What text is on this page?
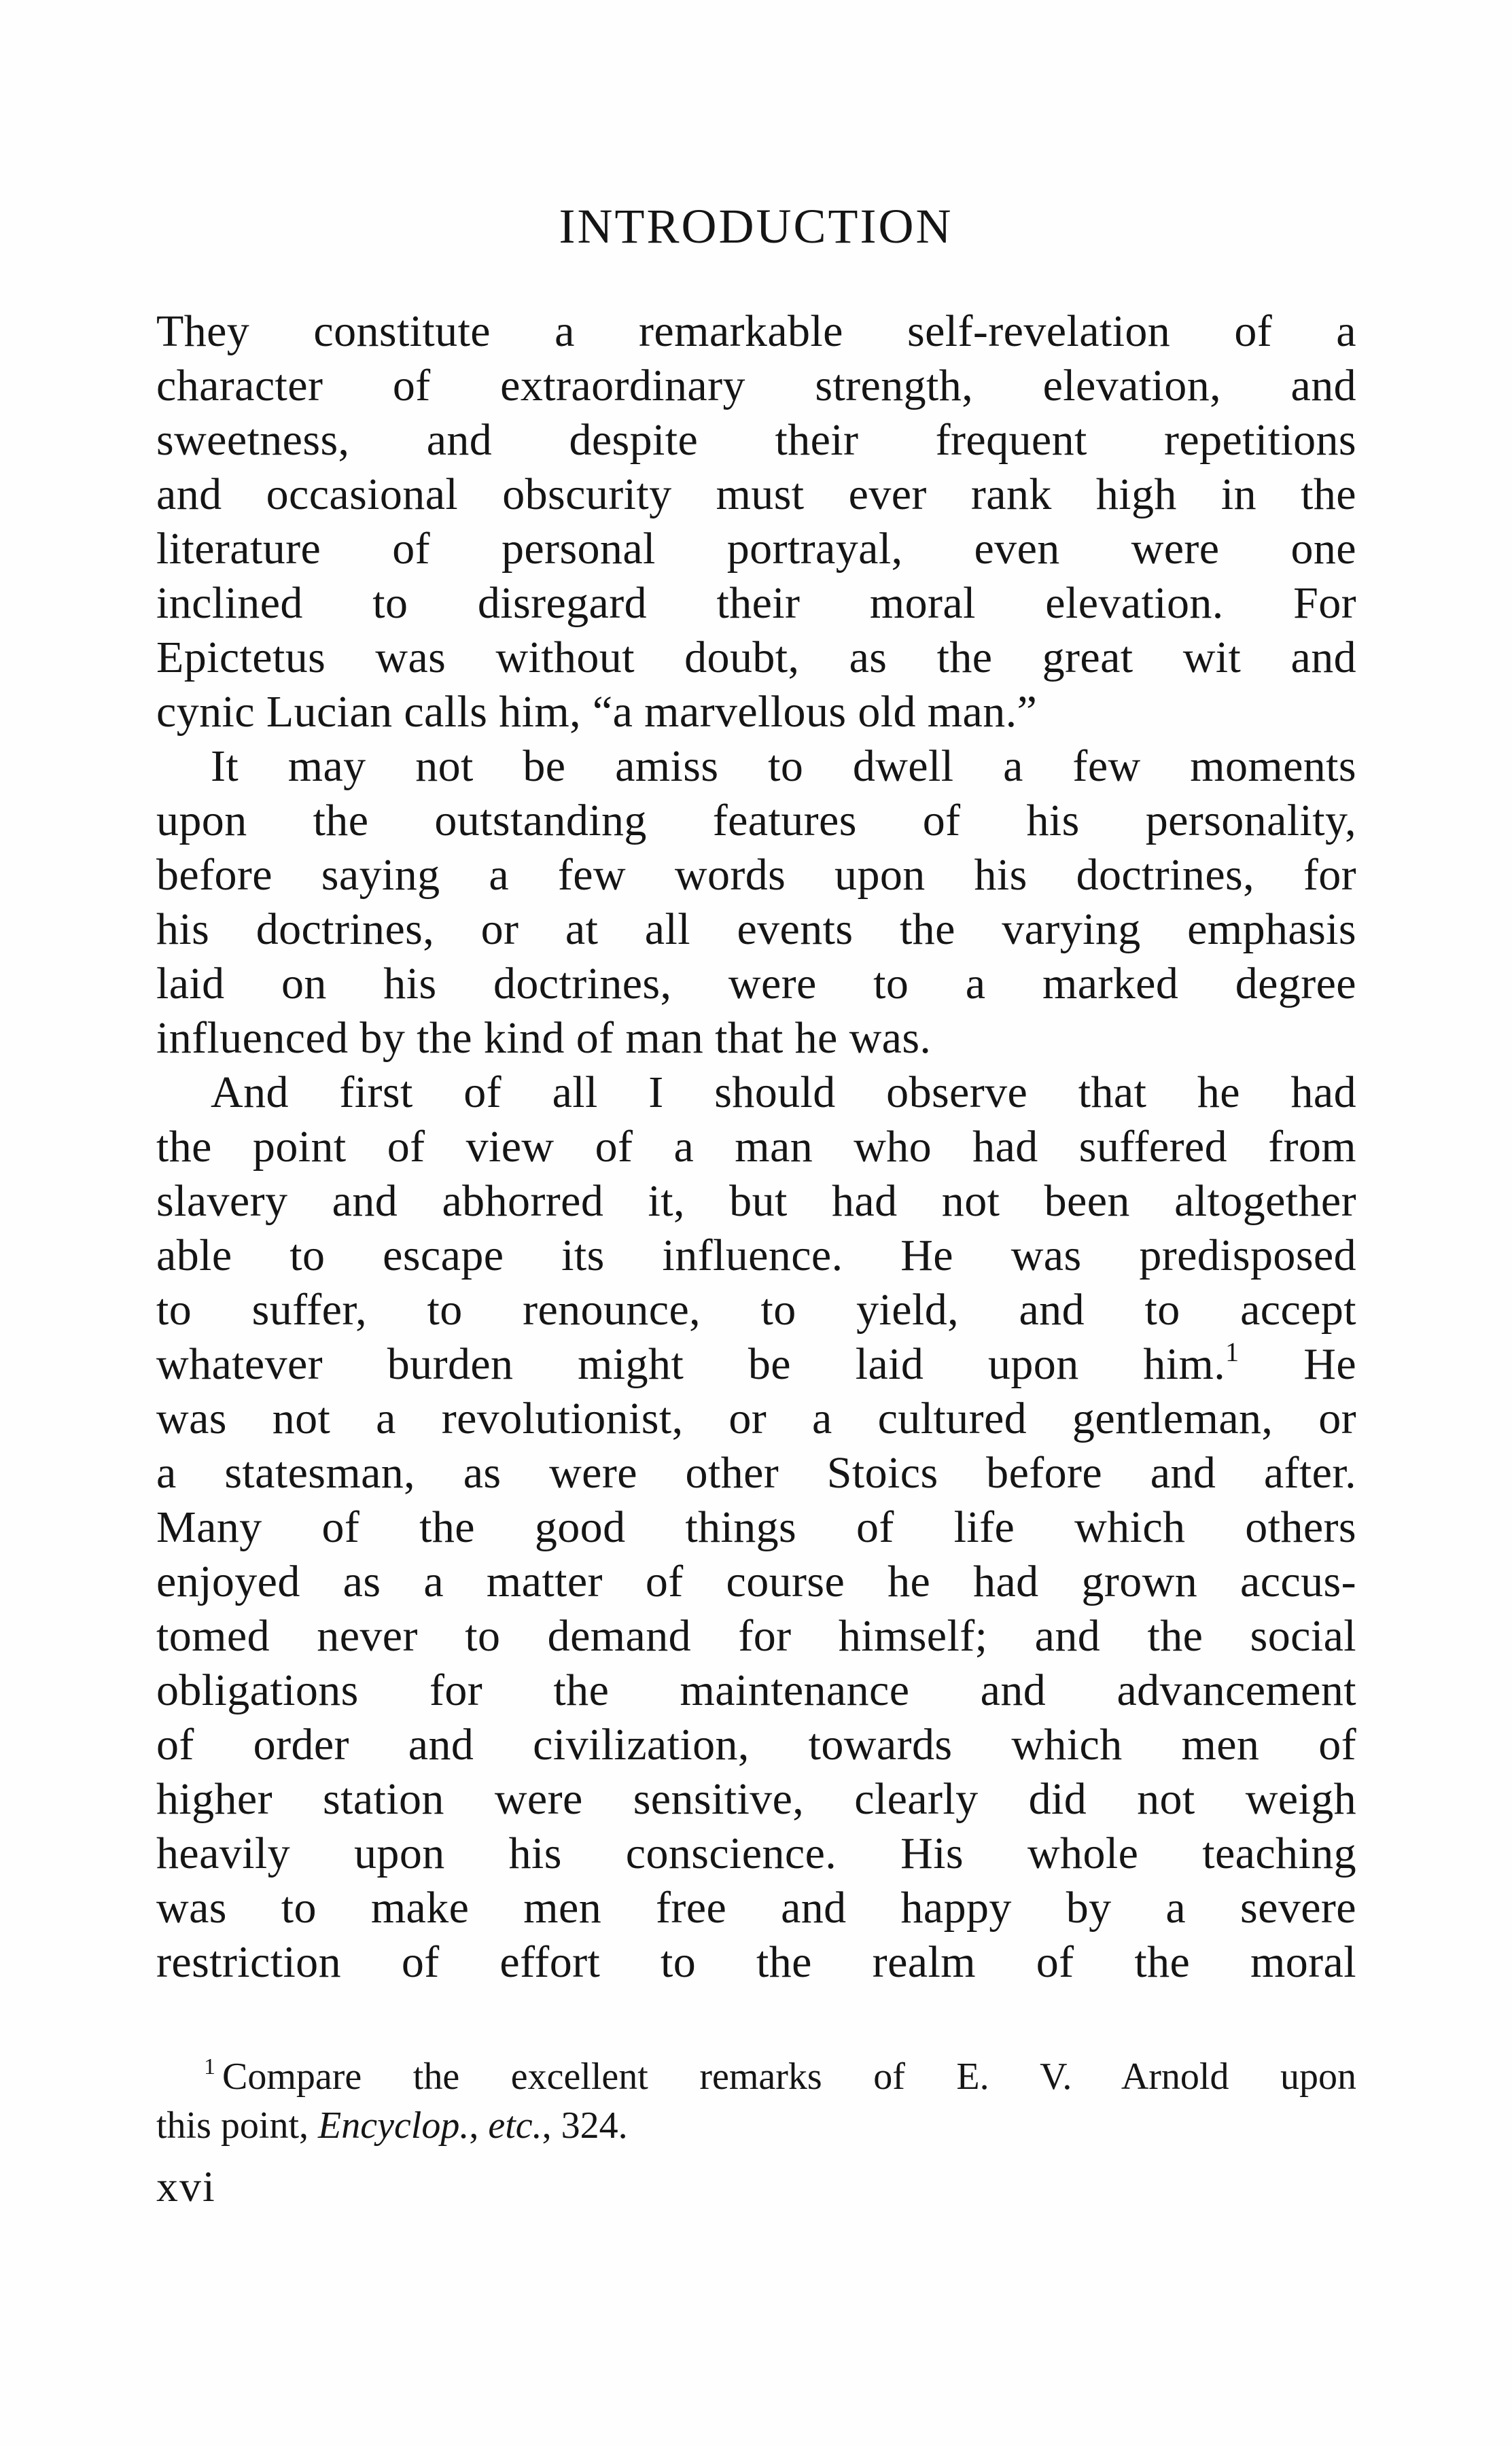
INTRODUCTION
They constitute a remarkable self-revelation of a
character of extraordinary strength, elevation, and
sweetness, and despite their frequent repetitions
and occasional obscurity must ever rank high in the
literature of personal portrayal, even were one
inclined to disregard their moral elevation. For
Epictetus was without doubt, as the great wit and
cynic Lucian calls him, “a marvellous old man.”
It may not be amiss to dwell a few moments
upon the outstanding features of his personality,
before saying a few words upon his doctrines, for
his doctrines, or at all events the varying emphasis
laid on his doctrines, were to a marked degree
influenced by the kind of man that he was.
And first of all I should observe that he had
the point of view of a man who had suffered from
slavery and abhorred it, but had not been altogether
able to escape its influence. He was predisposed
to suffer, to renounce, to yield, and to accept
whatever burden might be laid upon him.$^1$ He
was not a revolutionist, or a cultured gentleman, or
a statesman, as were other Stoics before and after.
Many of the good things of life which others
enjoyed as a matter of course he had grown accus-
tomed never to demand for himself; and the social
obligations for the maintenance and advancement
of order and civilization, towards which men of
higher station were sensitive, clearly did not weigh
heavily upon his conscience. His whole teaching
was to make men free and happy by a severe
restriction of effort to the realm of the moral
$^1$ Compare the excellent remarks of E. V. Arnold upon
this point, Encyclop., etc., 324.
xvi
